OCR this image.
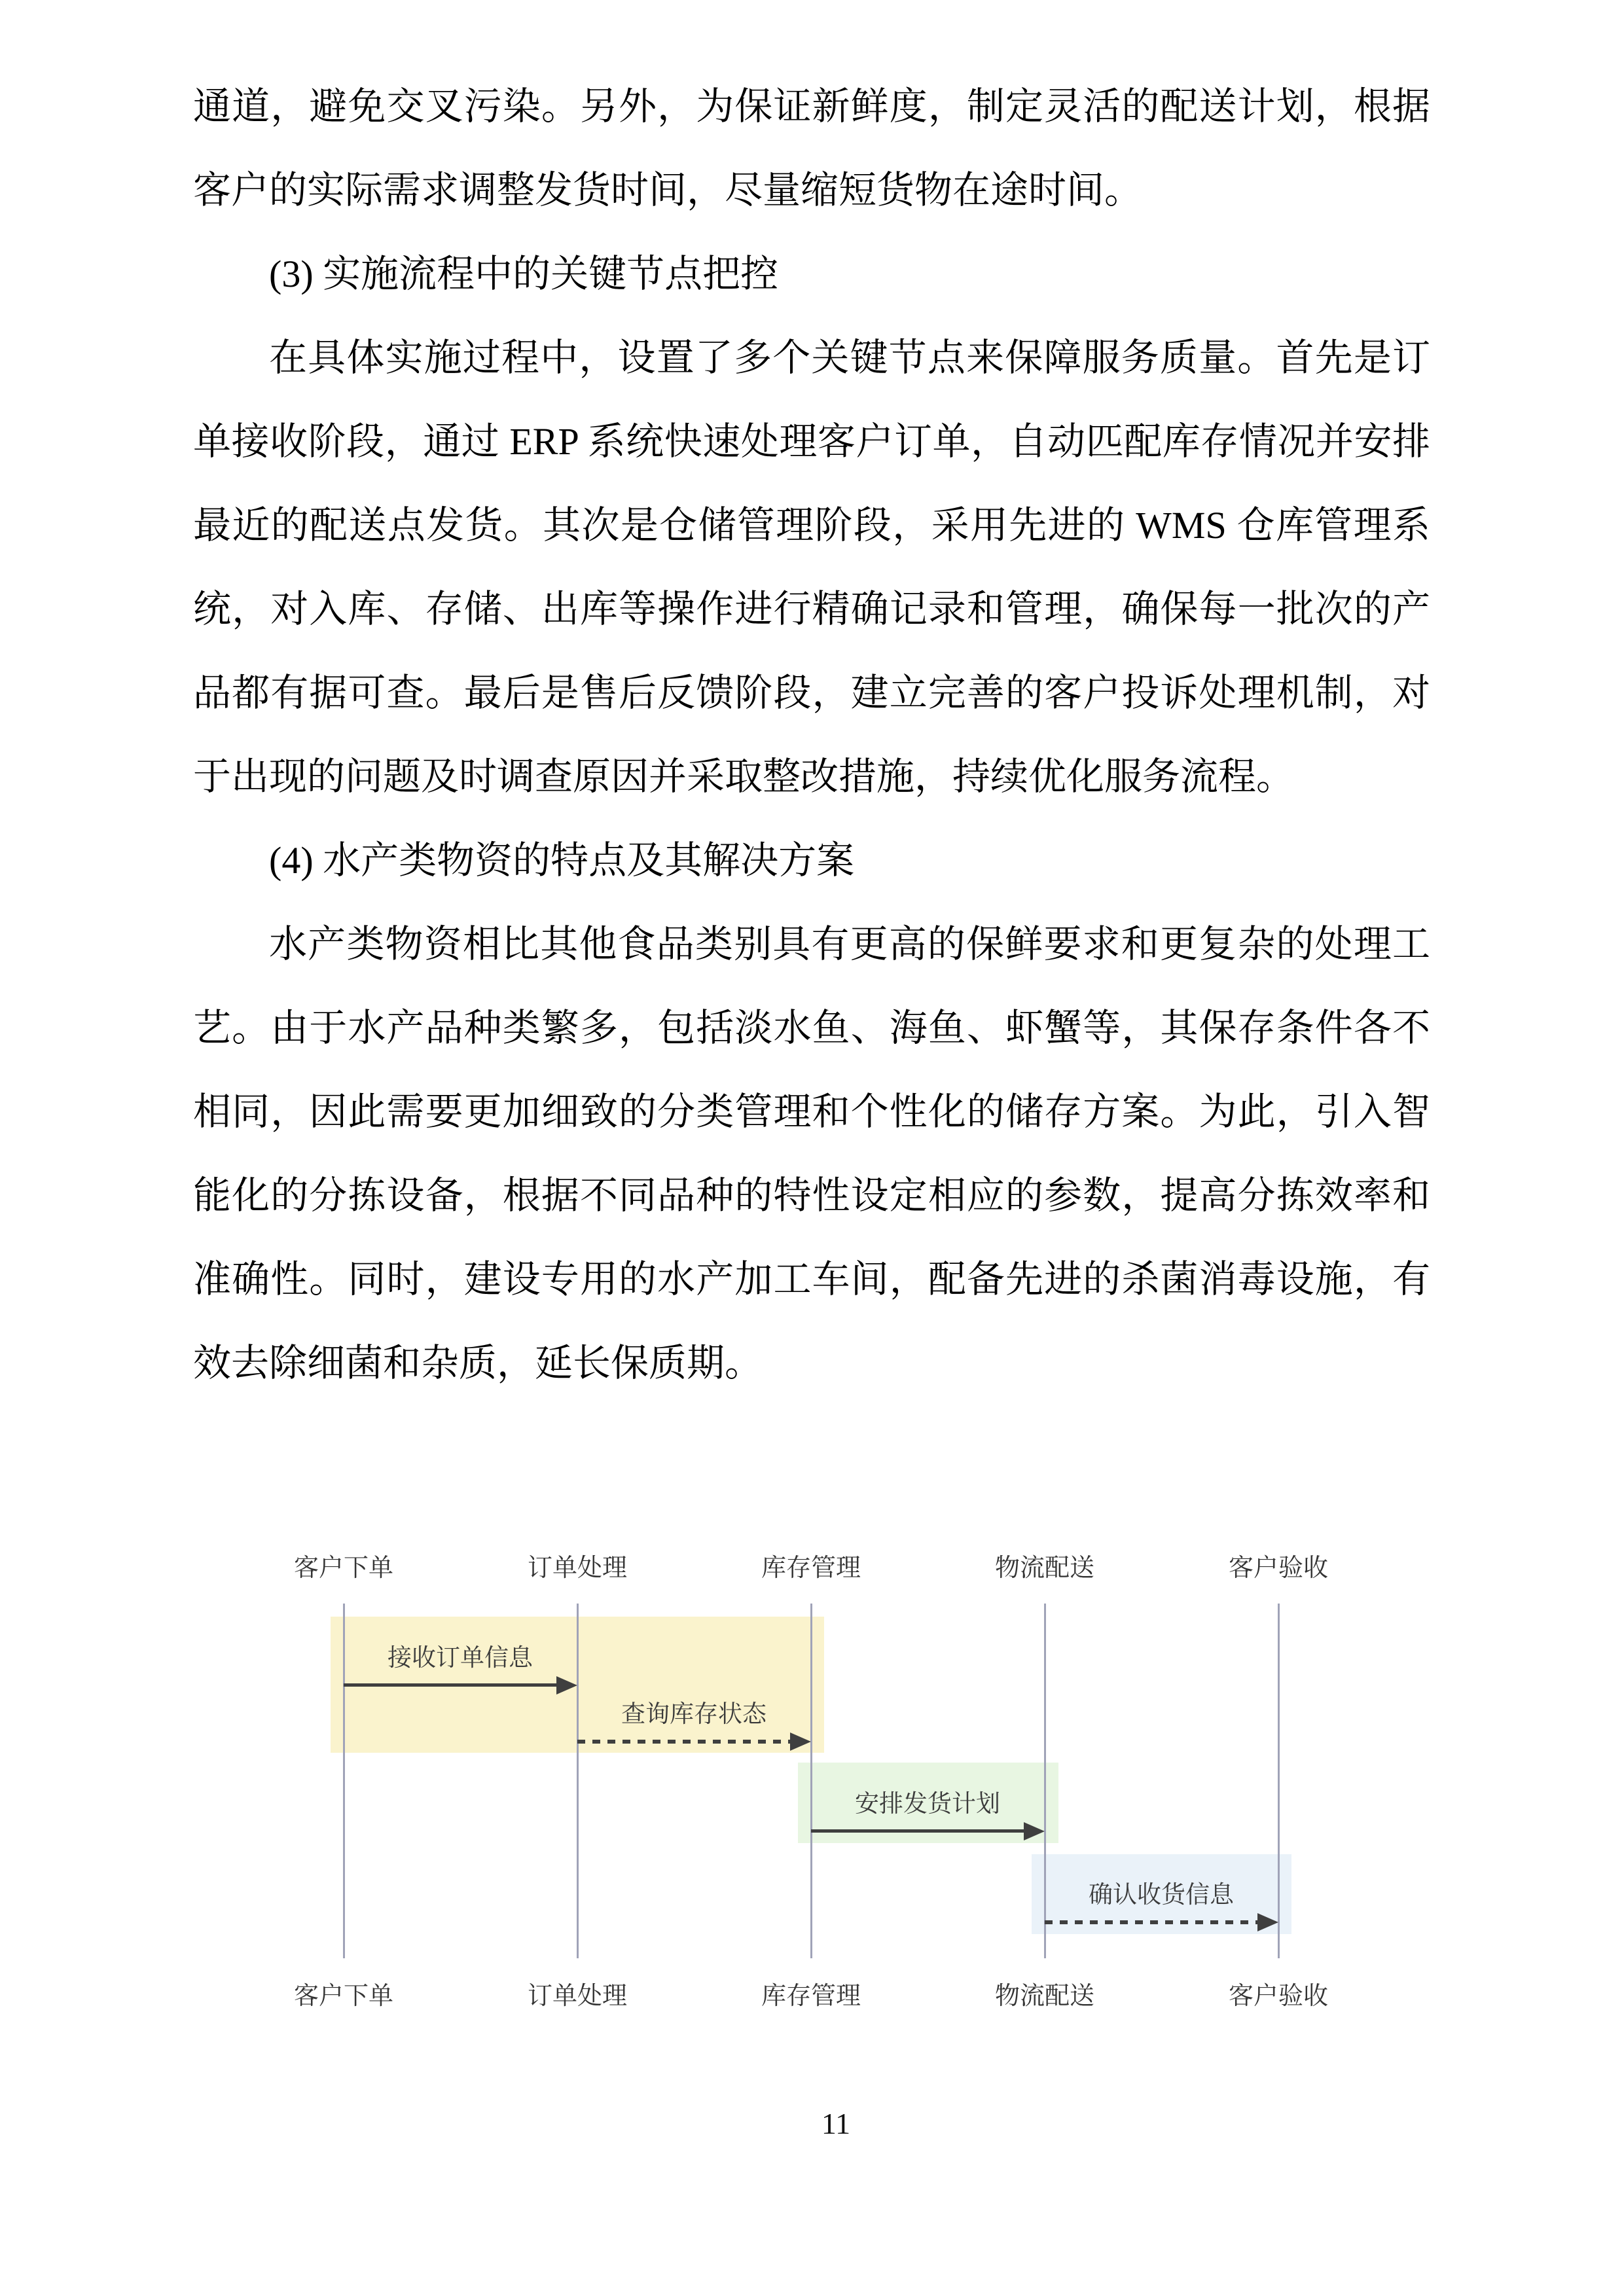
通道，避免交叉污染。另外，为保证新鲜度，制定灵活的配送计划，根据客户的实际需求调整发货时间，尽量缩短货物在途时间。

(3) 实施流程中的关键节点把控

在具体实施过程中，设置了多个关键节点来保障服务质量。首先是订单接收阶段，通过 ERP 系统快速处理客户订单，自动匹配库存情况并安排最近的配送点发货。其次是仓储管理阶段，采用先进的 WMS 仓库管理系统，对入库、存储、出库等操作进行精确记录和管理，确保每一批次的产品都有据可查。最后是售后反馈阶段，建立完善的客户投诉处理机制，对于出现的问题及时调查原因并采取整改措施，持续优化服务流程。

(4) 水产类物资的特点及其解决方案

水产类物资相比其他食品类别具有更高的保鲜要求和更复杂的处理工艺。由于水产品种类繁多，包括淡水鱼、海鱼、虾蟹等，其保存条件各不相同，因此需要更加细致的分类管理和个性化的储存方案。为此，引入智能化的分拣设备，根据不同品种的特性设定相应的参数，提高分拣效率和准确性。同时，建设专用的水产加工车间，配备先进的杀菌消毒设施，有效去除细菌和杂质，延长保质期。

客户下单	订单处理	库存管理	物流配送	客户验收
接收订单信息
查询库存状态
安排发货计划
确认收货信息
客户下单	订单处理	库存管理	物流配送	客户验收
11
